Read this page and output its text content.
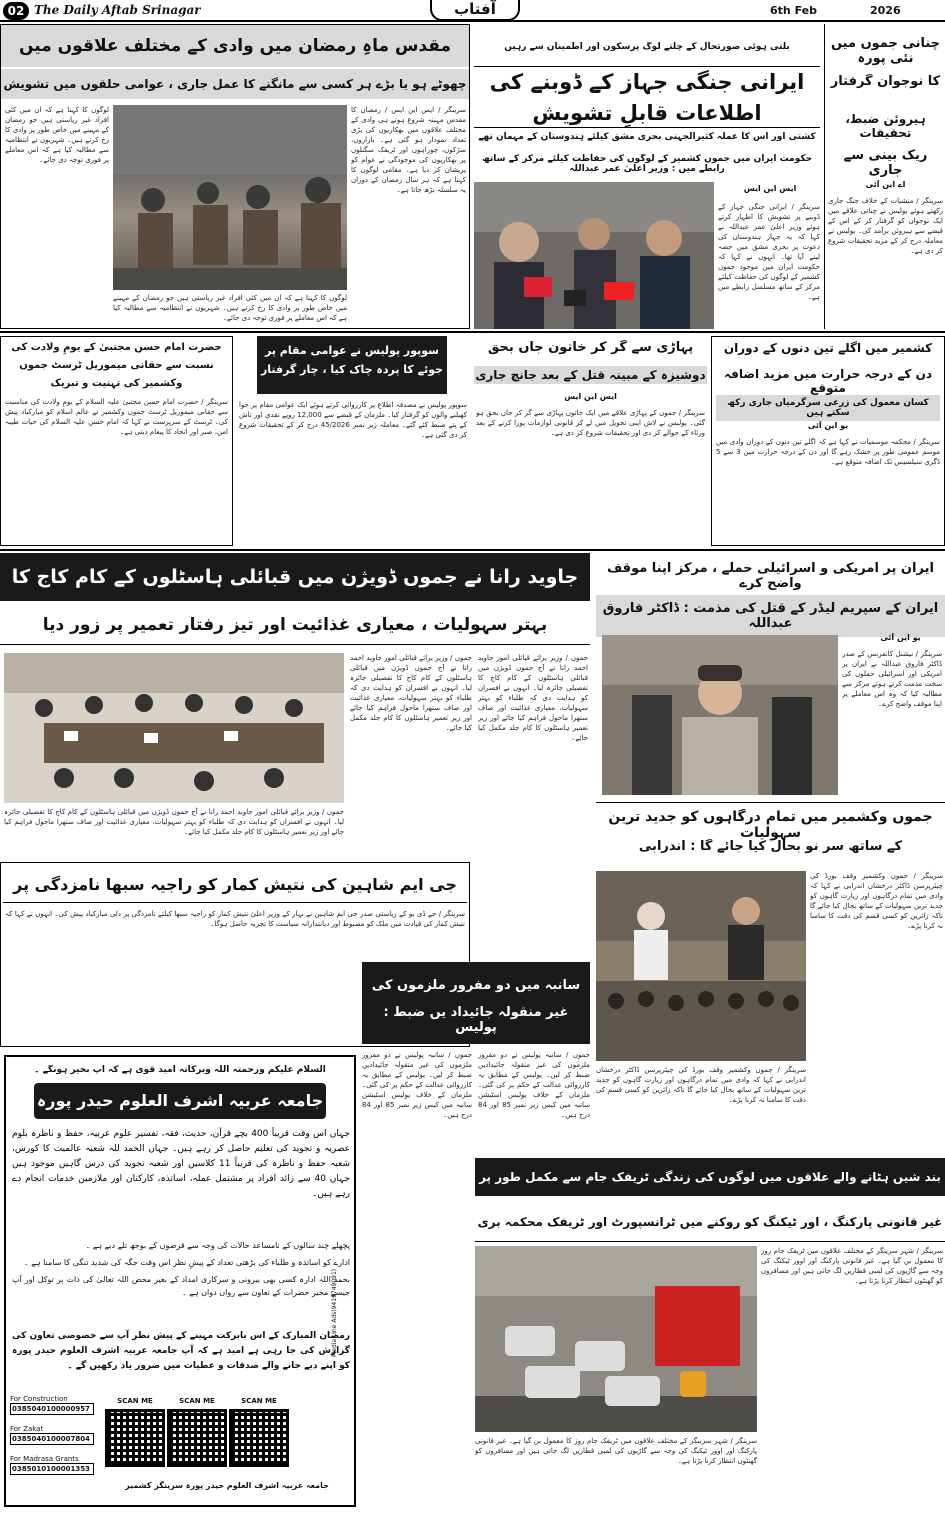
02 The Daily Aftab Srinagar	آفتاب	6th Feb	2026
مقدس ماہِ رمضان میں وادی کے مختلف علاقوں میں
چھوٹے ہو یا بڑے ہر کسی سے مانگنے کا عمل جاری ، عوامی حلقوں میں تشویش
سرینگر / ایس این ایس / رمضان کا مقدس مہینہ شروع ہوتے ہی وادی کے مختلف علاقوں میں بھکاریوں کی بڑی تعداد نمودار ہو گئی ہے۔ بازاروں، سڑکوں، چوراہوں اور ٹریفک سگنلوں پر بھکاریوں کی موجودگی نے عوام کو پریشان کر دیا ہے۔ مقامی لوگوں کا کہنا ہے کہ ہر سال رمضان کے دوران یہ سلسلہ بڑھ جاتا ہے۔
لوگوں کا کہنا ہے کہ ان میں کئی افراد غیر ریاستی ہیں جو رمضان کے مہینے میں خاص طور پر وادی کا رخ کرتے ہیں۔ شہریوں نے انتظامیہ سے مطالبہ کیا ہے کہ اس معاملے پر فوری توجہ دی جائے۔
لوگوں کا کہنا ہے کہ ان میں کئی افراد غیر ریاستی ہیں جو رمضان کے مہینے میں خاص طور پر وادی کا رخ کرتے ہیں۔ شہریوں نے انتظامیہ سے مطالبہ کیا ہے کہ اس معاملے پر فوری توجہ دی جائے۔
بلتی ہوئی صورتحال کے چلتے لوگ پرسکون اور اطمینان سے رہیں
ایرانی جنگی جہاز کے ڈوبنے کی اطلاعات قابلِ تشویش
کشتی اور اس کا عملہ کثیرالجہتی بحری مشق کیلئے ہندوستان کے مہمان تھے
حکومت ایران میں جموں کشمیر کے لوگوں کی حفاظت کیلئے مرکز کے ساتھ رابطے میں : وزیر اعلیٰ عمر عبداللہ
ایس این ایس
سرینگر / ایرانی جنگی جہاز کے ڈوبنے پر تشویش کا اظہار کرتے ہوئے وزیر اعلیٰ عمر عبداللہ نے کہا کہ یہ جہاز ہندوستان کی دعوت پر بحری مشق میں حصہ لینے آیا تھا۔ انہوں نے کہا کہ حکومت ایران میں موجود جموں کشمیر کے لوگوں کی حفاظت کیلئے مرکز کے ساتھ مسلسل رابطے میں ہے۔
چنانی جموں میں نئی پورہ
کا نوجوان گرفتار
ہیروئن ضبط، تحقیقات
ریک بینی سے جاری
اے این آئی
سرینگر / منشیات کے خلاف جنگ جاری رکھتے ہوئے پولیس نے چنانی علاقے میں ایک نوجوان کو گرفتار کر کے اس کے قبضے سے ہیروئن برآمد کی۔ پولیس نے معاملہ درج کر کے مزید تحقیقات شروع کر دی ہے۔
حضرت امام حسن مجتبیٰ کے یومِ ولادت کی نسبت سے حقانی میموریل ٹرسٹ جموں وکشمیر کی تہنیت و تبریک
سرینگر / حضرت امام حسن مجتبیٰ علیہ السلام کے یومِ ولادت کی مناسبت سے حقانی میموریل ٹرسٹ جموں وکشمیر نے عالم اسلام کو مبارکباد پیش کی۔ ٹرسٹ کے سرپرست نے کہا کہ امام حسن علیہ السلام کی حیات طیبہ امن، صبر اور اتحاد کا پیغام دیتی ہے۔
سوپور پولیس نے عوامی مقام پر جوئے کا پردہ چاک کیا ، چار گرفتار
سوپور پولیس نے مصدقہ اطلاع پر کارروائی کرتے ہوئے ایک عوامی مقام پر جوا کھیلنے والوں کو گرفتار کیا۔ ملزمان کے قبضے سے 12,000 روپے نقدی اور تاش کے پتے ضبط کئے گئے۔ معاملہ زیر نمبر 45/2026 درج کر کے تحقیقات شروع کر دی گئی ہے۔
پہاڑی سے گر کر خاتون جاں بحق
دوشیزہ کے مبینہ قتل کے بعد جانچ جاری
ایس این ایس
سرینگر / جموں کے پہاڑی علاقے میں ایک خاتون پہاڑی سے گر کر جاں بحق ہو گئی۔ پولیس نے لاش اپنی تحویل میں لے کر قانونی لوازمات پورا کرنے کے بعد ورثاء کے حوالے کر دی اور تحقیقات شروع کر دی ہے۔
کشمیر میں اگلے تین دنوں کے دوران
دن کے درجہ حرارت میں مزید اضافہ متوقع
کسان معمول کی زرعی سرگرمیاں جاری رکھ سکتے ہیں
یو این آئی
سرینگر / محکمہ موسمیات نے کہا ہے کہ اگلے تین دنوں کے دوران وادی میں موسم عمومی طور پر خشک رہے گا اور دن کے درجہ حرارت میں 3 سے 5 ڈگری سیلسیس تک اضافہ متوقع ہے۔
جاوید رانا نے جموں ڈویژن میں قبائلی ہاسٹلوں کے کام کاج کا
بہتر سہولیات ، معیاری غذائیت اور تیز رفتار تعمیر پر زور دیا
جموں / وزیر برائے قبائلی امور جاوید احمد رانا نے آج جموں ڈویژن میں قبائلی ہاسٹلوں کے کام کاج کا تفصیلی جائزہ لیا۔ انہوں نے افسران کو ہدایت دی کہ طلباء کو بہتر سہولیات، معیاری غذائیت اور صاف ستھرا ماحول فراہم کیا جائے اور زیر تعمیر ہاسٹلوں کا کام جلد مکمل کیا جائے۔
جموں / وزیر برائے قبائلی امور جاوید احمد رانا نے آج جموں ڈویژن میں قبائلی ہاسٹلوں کے کام کاج کا تفصیلی جائزہ لیا۔ انہوں نے افسران کو ہدایت دی کہ طلباء کو بہتر سہولیات، معیاری غذائیت اور صاف ستھرا ماحول فراہم کیا جائے اور زیر تعمیر ہاسٹلوں کا کام جلد مکمل کیا جائے۔
جموں / وزیر برائے قبائلی امور جاوید احمد رانا نے آج جموں ڈویژن میں قبائلی ہاسٹلوں کے کام کاج کا تفصیلی جائزہ لیا۔ انہوں نے افسران کو ہدایت دی کہ طلباء کو بہتر سہولیات، معیاری غذائیت اور صاف ستھرا ماحول فراہم کیا جائے اور زیر تعمیر ہاسٹلوں کا کام جلد مکمل کیا جائے۔
ایران پر امریکی و اسرائیلی حملے ، مرکز اپنا موقف واضح کرے
ایران کے سپریم لیڈر کے قتل کی مذمت : ڈاکٹر فاروق عبداللہ
یو این آئی
سرینگر / نیشنل کانفرنس کے صدر ڈاکٹر فاروق عبداللہ نے ایران پر امریکی اور اسرائیلی حملوں کی سخت مذمت کرتے ہوئے مرکز سے مطالبہ کیا کہ وہ اس معاملے پر اپنا موقف واضح کرے۔
جموں وکشمیر میں تمام درگاہوں کو جدید ترین سہولیات
کے ساتھ سر نو بحال کیا جائے گا : اندرابی
سرینگر / جموں وکشمیر وقف بورڈ کی چیئرپرسن ڈاکٹر درخشاں اندرابی نے کہا کہ وادی میں تمام درگاہوں اور زیارت گاہوں کو جدید ترین سہولیات کے ساتھ بحال کیا جائے گا تاکہ زائرین کو کسی قسم کی دقت کا سامنا نہ کرنا پڑے۔
سرینگر / جموں وکشمیر وقف بورڈ کی چیئرپرسن ڈاکٹر درخشاں اندرابی نے کہا کہ وادی میں تمام درگاہوں اور زیارت گاہوں کو جدید ترین سہولیات کے ساتھ بحال کیا جائے گا تاکہ زائرین کو کسی قسم کی دقت کا سامنا نہ کرنا پڑے۔
جی ایم شاہین کی نتیش کمار کو راجیہ سبھا نامزدگی پر
سرینگر / جے ڈی یو کے ریاستی صدر جی ایم شاہین نے بہار کے وزیر اعلیٰ نتیش کمار کو راجیہ سبھا کیلئے نامزدگی پر دلی مبارکباد پیش کی۔ انہوں نے کہا کہ نتیش کمار کی قیادت میں ملک کو مضبوط اور دیانتدارانہ سیاست کا تجربہ حاصل ہوگا۔
سانبہ میں دو مفرور ملزموں کی
غیر منقولہ جائیداد یں ضبط : پولیس
جموں / سانبہ پولیس نے دو مفرور ملزموں کی غیر منقولہ جائیدادیں ضبط کر لیں۔ پولیس کے مطابق یہ کارروائی عدالت کے حکم پر کی گئی۔ ملزمان کے خلاف پولیس اسٹیشن سانبہ میں کیس زیر نمبر 85 اور 84 درج ہیں۔
جموں / سانبہ پولیس نے دو مفرور ملزموں کی غیر منقولہ جائیدادیں ضبط کر لیں۔ پولیس کے مطابق یہ کارروائی عدالت کے حکم پر کی گئی۔ ملزمان کے خلاف پولیس اسٹیشن سانبہ میں کیس زیر نمبر 85 اور 84 درج ہیں۔
بند شیں ہٹانے والے علاقوں میں لوگوں کی زندگی ٹریفک جام سے مکمل طور پر
غیر قانونی پارکنگ ، اور ٹیکنگ کو روکنے میں ٹرانسپورٹ اور ٹریفک محکمہ بری
سرینگر / شہر سرینگر کے مختلف علاقوں میں ٹریفک جام روز کا معمول بن گیا ہے۔ غیر قانونی پارکنگ اور اوور ٹیکنگ کی وجہ سے گاڑیوں کی لمبی قطاریں لگ جاتی ہیں اور مسافروں کو گھنٹوں انتظار کرنا پڑتا ہے۔
سرینگر / شہر سرینگر کے مختلف علاقوں میں ٹریفک جام روز کا معمول بن گیا ہے۔ غیر قانونی پارکنگ اور اوور ٹیکنگ کی وجہ سے گاڑیوں کی لمبی قطاریں لگ جاتی ہیں اور مسافروں کو گھنٹوں انتظار کرنا پڑتا ہے۔
السلام علیکم ورحمتہ اللہ وبرکاتہ امید قوی ہے کہ آپ بخیر ہونگے ۔
جامعہ عربیہ اشرف العلوم حیدر پورہ
جہاں اس وقت قریباً 400 بچے قرآن، حدیث، فقہ، تفسیر علوم عربیہ، حفظ و ناظرہ بلوم عصریہ و تجوید کی تعلیم حاصل کر رہے ہیں۔ جہاں الحمد للہ شعبہ عالمیت کا کورس، شعبہ حفظ و ناظرہ کی قریباً 11 کلاسیں اور شعبہ تجوید کی درس گاہیں موجود ہیں جہاں 40 سے زائد افراد پر مشتمل عملہ، اساتذہ، کارکنان اور ملازمین خدمات انجام دے رہے ہیں۔
پچھلے چند سالوں کے نامساعد حالات کی وجہ سے قرضوں کے بوجھ تلے دبے ہے ۔
ادارے کو اساتذہ و طلباء کی بڑھتی تعداد کے پیشِ نظر اس وقت جگہ کی شدید تنگی کا سامنا ہے ۔
بحمد اللہ ادارہ کسی بھی بیرونی و سرکاری امداد کے بغیر محض اللہ تعالیٰ کی ذات پر توکل اور آپ جیسے مخیر حضرات کے تعاون سے رواں دواں ہے ۔
رمضان المبارک کے اس بابرکت مہینے کے پیش نظر آپ سے خصوصی تعاون کی گزارش کی جا رہی ہے امید ہے کہ آپ جامعہ عربیہ اشرف العلوم حیدر پورہ کو اپنے دیے جانے والے صدقات و عطیات میں ضرور یاد رکھیں گے ۔
For Construction
0385040100000957
For Zakat
0385040100007804
For Madrasa Grants
0385010100001353
SCAN ME	SCAN ME	SCAN ME
جامعہ عربیہ اشرف العلوم حیدر پورہ سرینگر کشمیر
Media Line Ads(9419749091)
